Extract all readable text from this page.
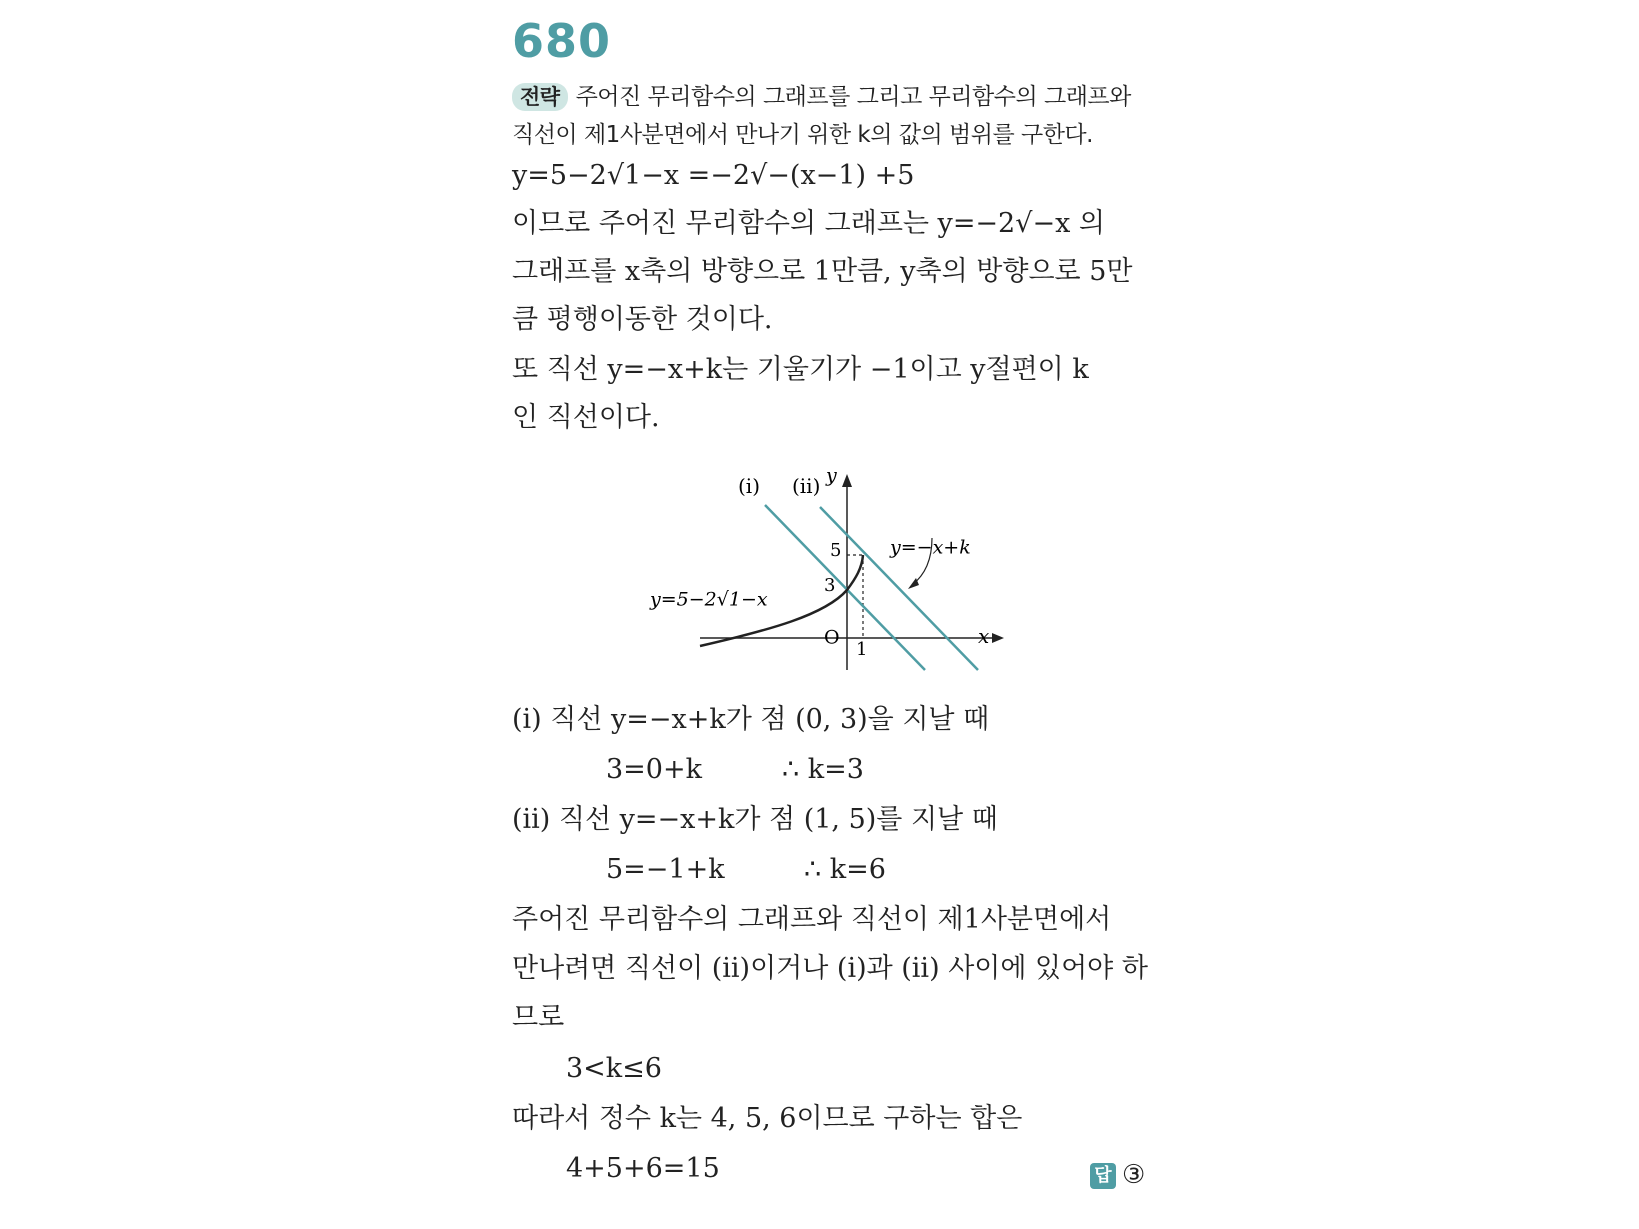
680
전략 주어진 무리함수의 그래프를 그리고 무리함수의 그래프와
직선이 제1사분면에서 만나기 위한 k의 값의 범위를 구한다.
y=5−2√1−x =−2√−(x−1) +5
이므로 주어진 무리함수의 그래프는 y=−2√−x 의
그래프를 x축의 방향으로 1만큼, y축의 방향으로 5만
큼 평행이동한 것이다.
또 직선 y=−x+k는 기울기가 −1이고 y절편이 k
인 직선이다.
(ⅰ) (ⅱ) y
x
O
5
3
1
y=5−2√1−x
y=−x+k
(ⅰ) 직선 y=−x+k가 점 (0, 3)을 지날 때
3=0+k	∴ k=3
(ⅱ) 직선 y=−x+k가 점 (1, 5)를 지날 때
5=−1+k	∴ k=6
주어진 무리함수의 그래프와 직선이 제1사분면에서
만나려면 직선이 (ⅱ)이거나 (ⅰ)과 (ⅱ) 사이에 있어야 하
므로
3<k≤6
따라서 정수 k는 4, 5, 6이므로 구하는 합은
4+5+6=15	답 ③
